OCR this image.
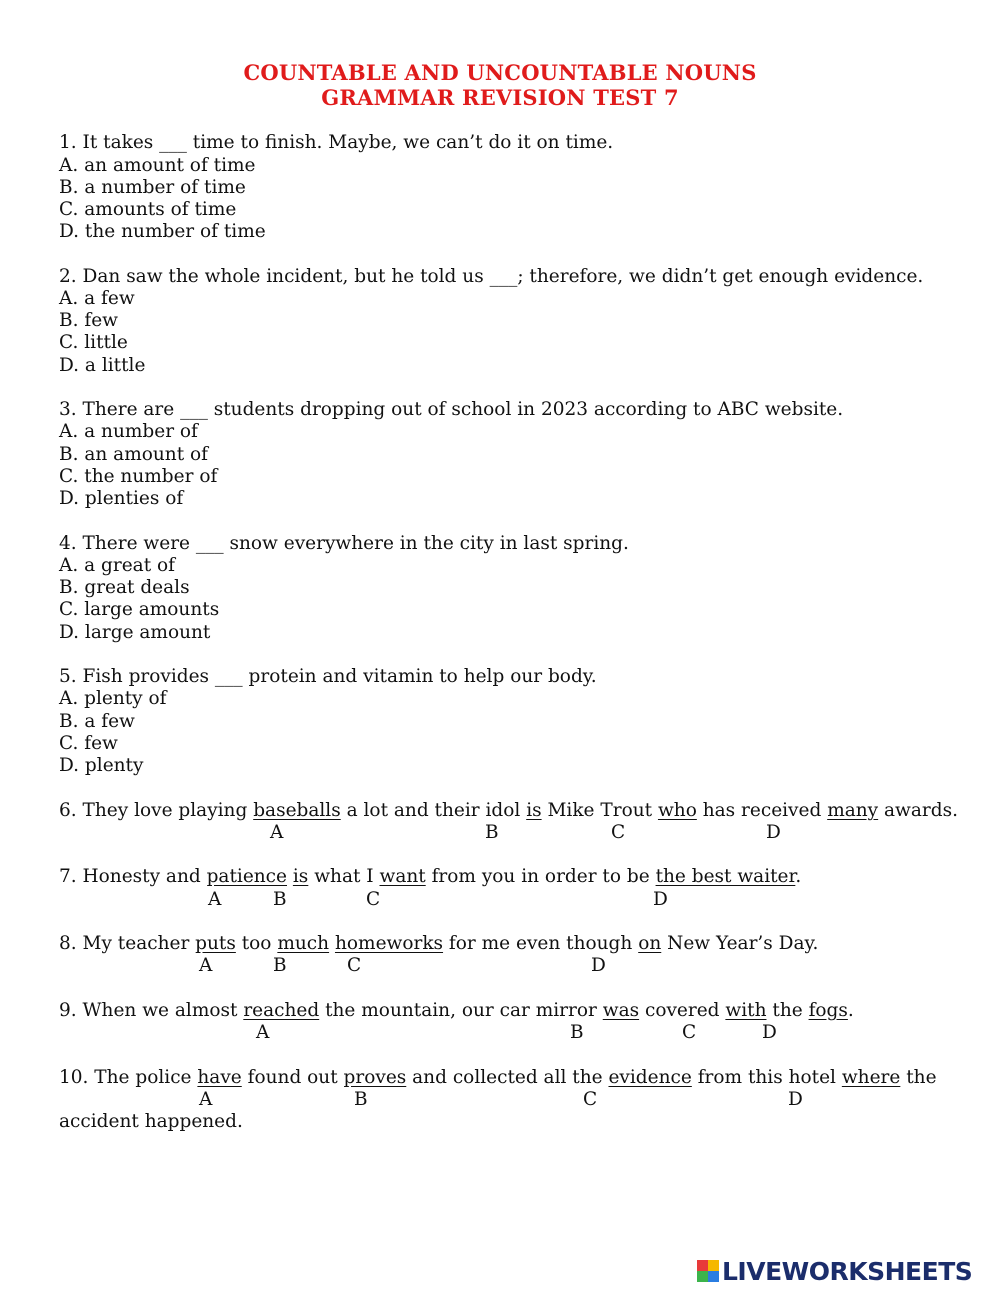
COUNTABLE AND UNCOUNTABLE NOUNS
GRAMMAR REVISION TEST 7
1. It takes ___ time to finish. Maybe, we can’t do it on time.
A. an amount of time
B. a number of time
C. amounts of time
D. the number of time
2. Dan saw the whole incident, but he told us ___; therefore, we didn’t get enough evidence.
A. a few
B. few
C. little
D. a little
3. There are ___ students dropping out of school in 2023 according to ABC website.
A. a number of
B. an amount of
C. the number of
D. plenties of
4. There were ___ snow everywhere in the city in last spring.
A. a great of
B. great deals
C. large amounts
D. large amount
5. Fish provides ___ protein and vitamin to help our body.
A. plenty of
B. a few
C. few
D. plenty
6. They love playing baseballs a lot and their idol is Mike Trout who has received many awards.
A	B	C	D
7. Honesty and patience is what I want from you in order to be the best waiter.
A	B	C	D
8. My teacher puts too much homeworks for me even though on New Year’s Day.
A	B	C	D
9. When we almost reached the mountain, our car mirror was covered with the fogs.
A	B	C	D
10. The police have found out proves and collected all the evidence from this hotel where the
A	B	C	D
accident happened.
LIVEWORKSHEETS
